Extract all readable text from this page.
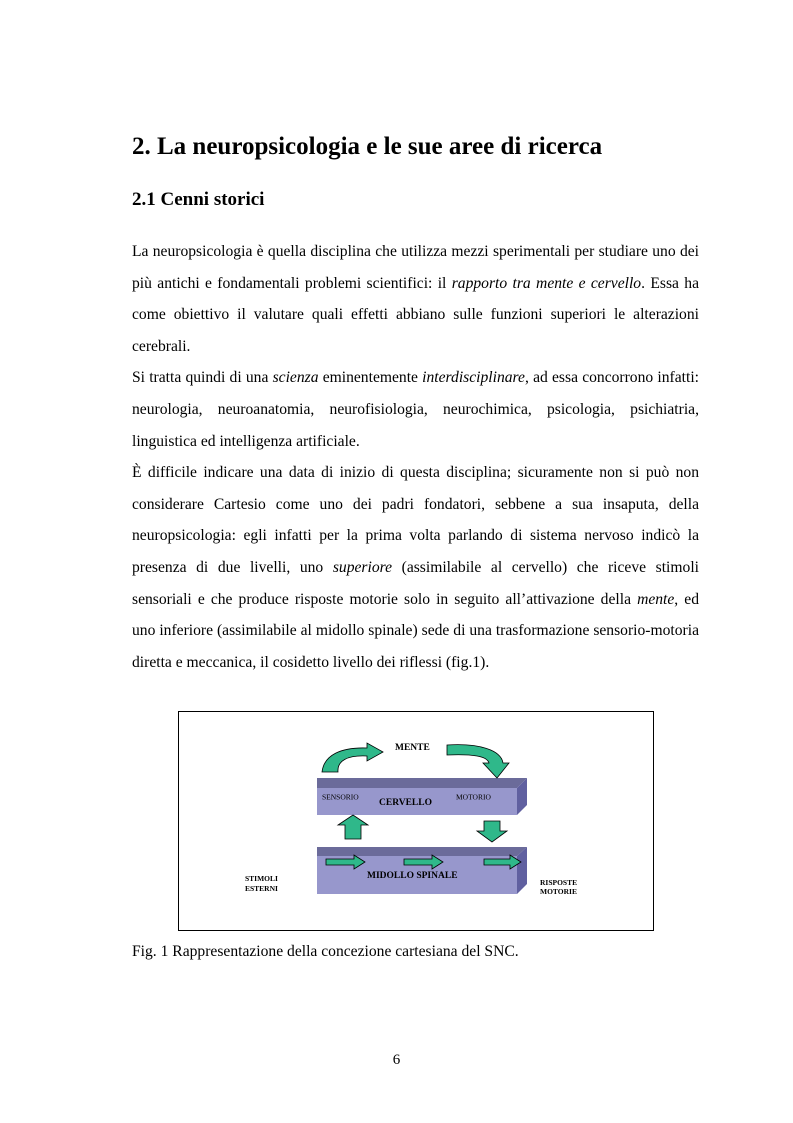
2. La neuropsicologia e le sue aree di ricerca
2.1 Cenni storici

La neuropsicologia è quella disciplina che utilizza mezzi sperimentali per studiare uno dei più antichi e fondamentali problemi scientifici: il rapporto tra mente e cervello. Essa ha come obiettivo il valutare quali effetti abbiano sulle funzioni superiori le alterazioni cerebrali.

Si tratta quindi di una scienza eminentemente interdisciplinare, ad essa concorrono infatti: neurologia, neuroanatomia, neurofisiologia, neurochimica, psicologia, psichiatria, linguistica ed intelligenza artificiale.

È difficile indicare una data di inizio di questa disciplina; sicuramente non si può non considerare Cartesio come uno dei padri fondatori, sebbene a sua insaputa, della neuropsicologia: egli infatti per la prima volta parlando di sistema nervoso indicò la presenza di due livelli, uno superiore (assimilabile al cervello) che riceve stimoli sensoriali e che produce risposte motorie solo in seguito all’attivazione della mente, ed uno inferiore (assimilabile al midollo spinale) sede di una trasformazione sensorio-motoria diretta e meccanica, il cosidetto livello dei riflessi (fig.1).

SENSORIO	MOTORIO
CERVELLO
MIDOLLO SPINALE
MENTE
STIMOLI
ESTERNI
RISPOSTE
MOTORIE
Fig. 1 Rappresentazione della concezione cartesiana del SNC.
6
